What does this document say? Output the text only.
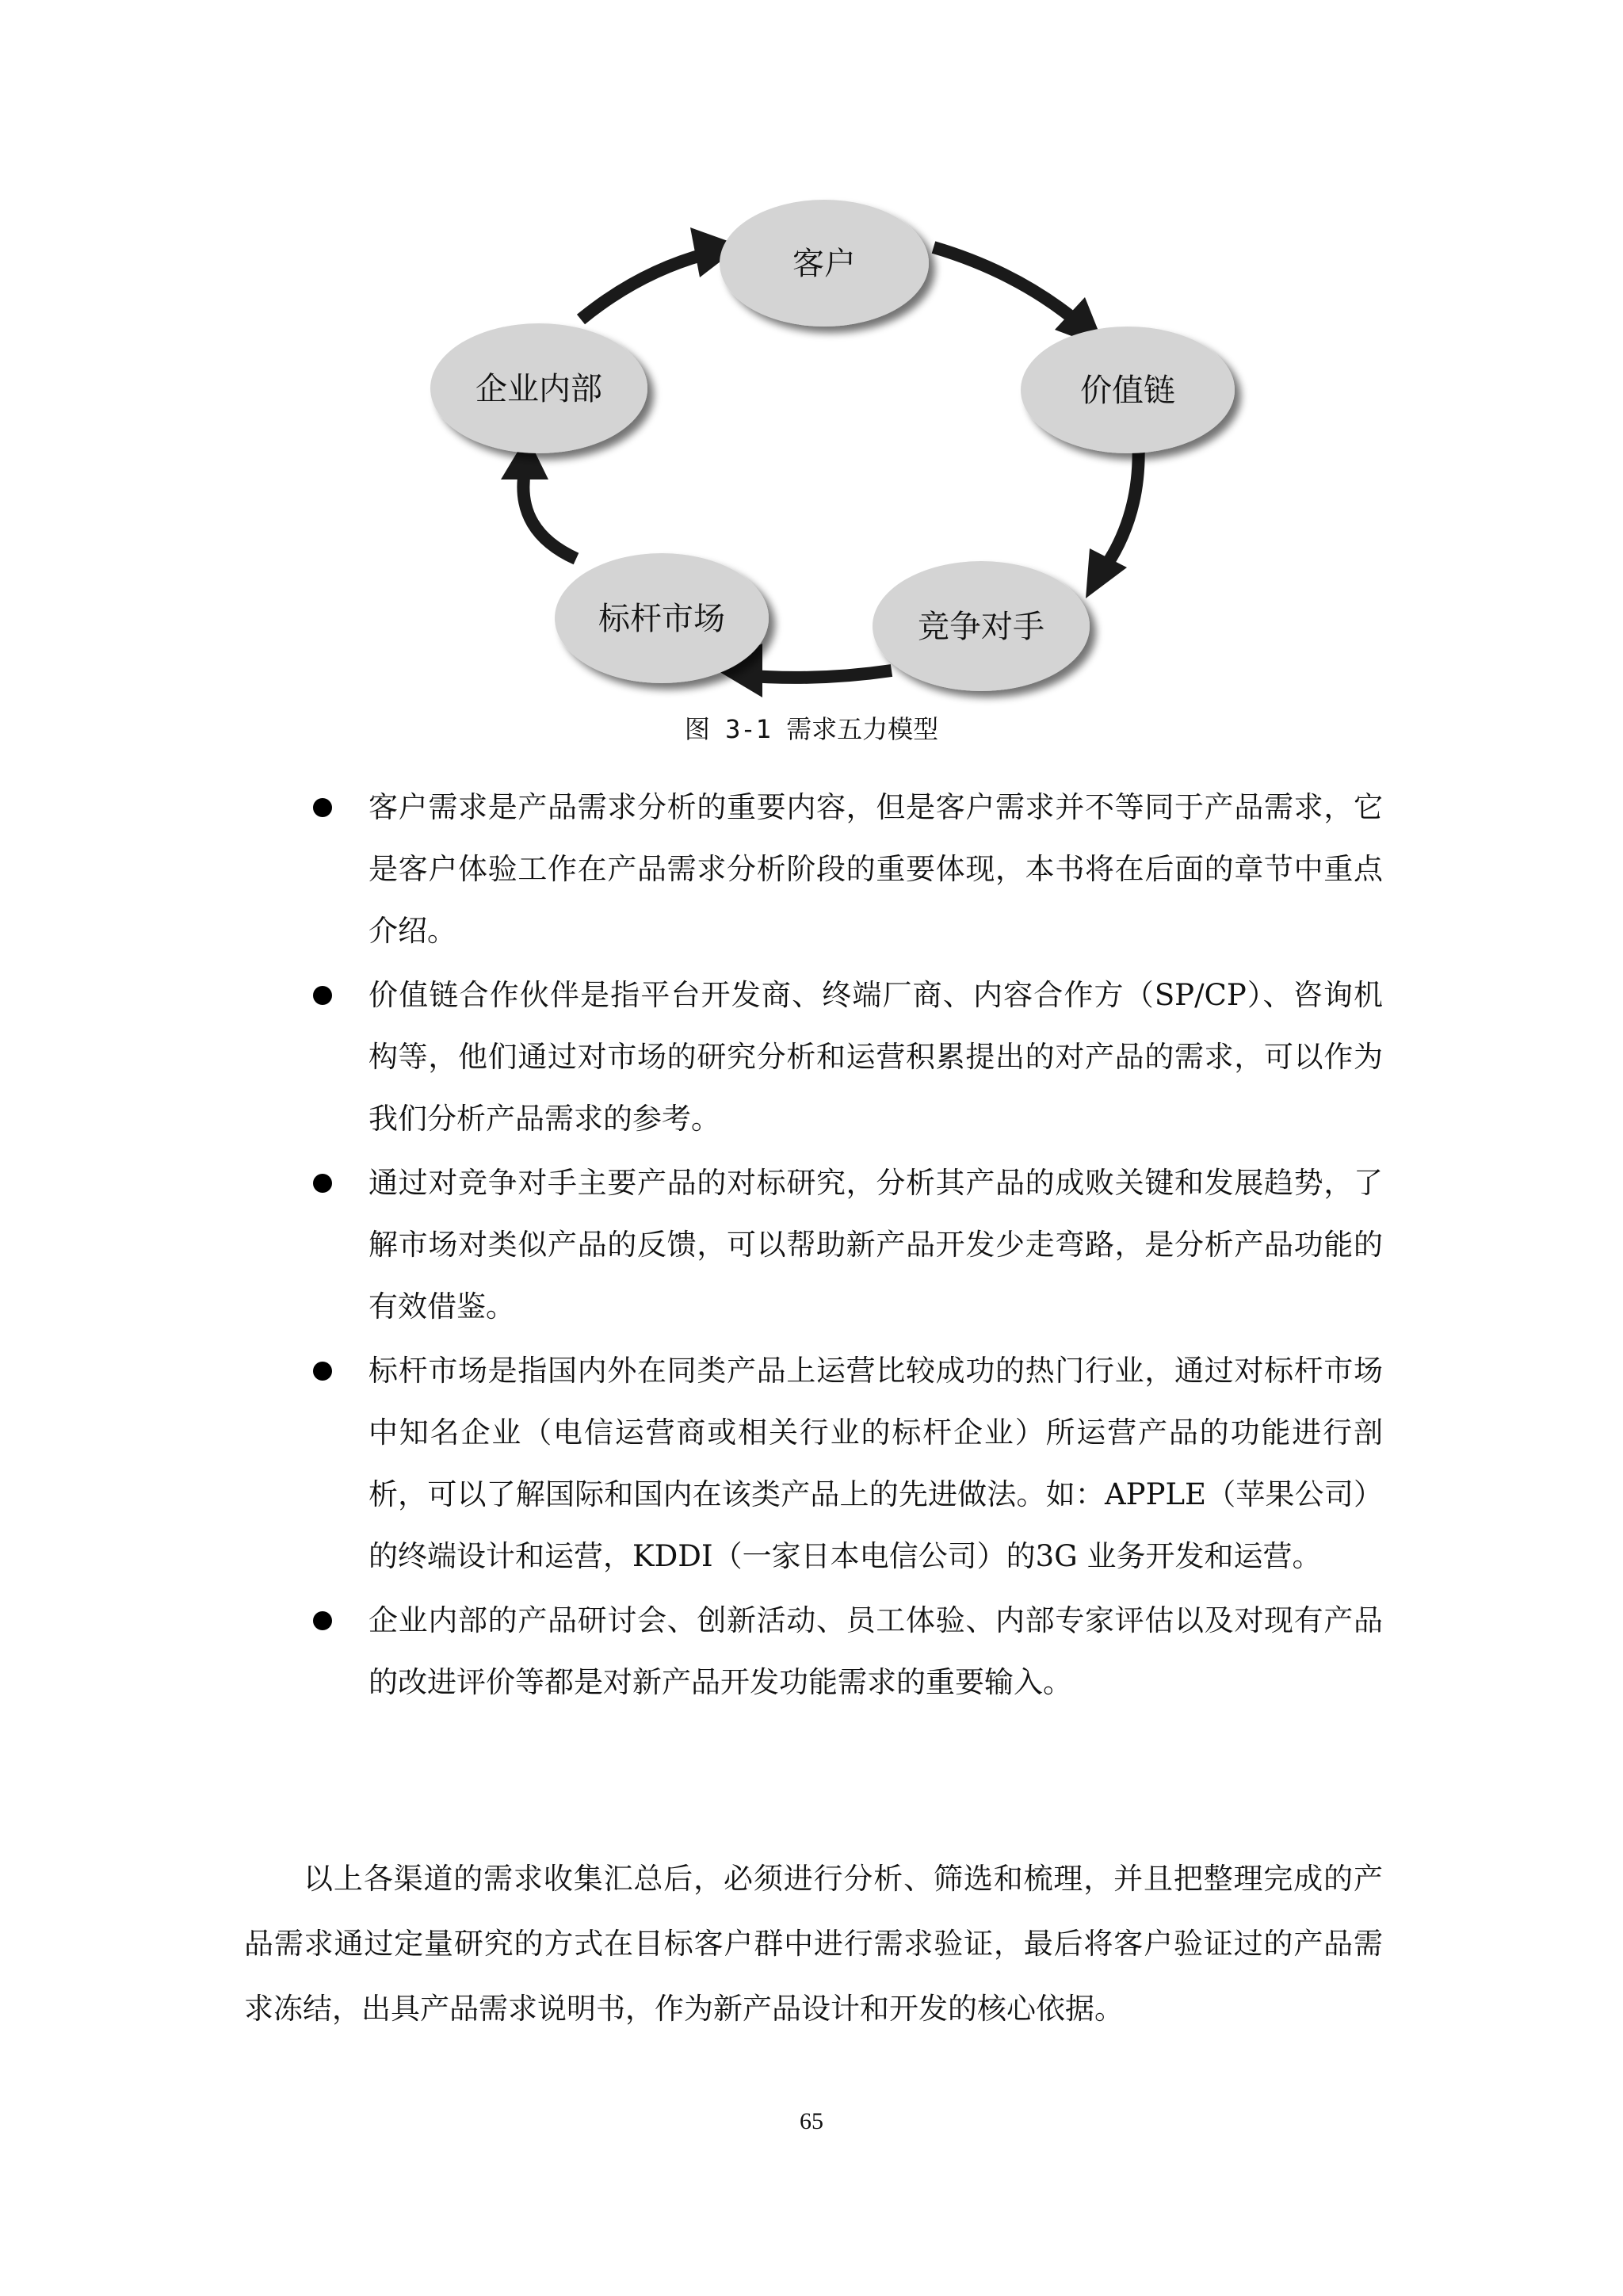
客户
价值链
竞争对手
标杆市场
企业内部
图 3-1 需求五力模型
客户需求是产品需求分析的重要内容，但是客户需求并不等同于产品需求，它是客户体验工作在产品需求分析阶段的重要体现，本书将在后面的章节中重点介绍。
价值链合作伙伴是指平台开发商、终端厂商、内容合作方（SP/CP）、咨询机构等，他们通过对市场的研究分析和运营积累提出的对产品的需求，可以作为我们分析产品需求的参考。
通过对竞争对手主要产品的对标研究，分析其产品的成败关键和发展趋势，了解市场对类似产品的反馈，可以帮助新产品开发少走弯路，是分析产品功能的有效借鉴。
标杆市场是指国内外在同类产品上运营比较成功的热门行业，通过对标杆市场中知名企业（电信运营商或相关行业的标杆企业）所运营产品的功能进行剖析，可以了解国际和国内在该类产品上的先进做法。如：APPLE（苹果公司）的终端设计和运营，KDDI（一家日本电信公司）的3G 业务开发和运营。
企业内部的产品研讨会、创新活动、员工体验、内部专家评估以及对现有产品的改进评价等都是对新产品开发功能需求的重要输入。
以上各渠道的需求收集汇总后，必须进行分析、筛选和梳理，并且把整理完成的产品需求通过定量研究的方式在目标客户群中进行需求验证，最后将客户验证过的产品需求冻结，出具产品需求说明书，作为新产品设计和开发的核心依据。
65
